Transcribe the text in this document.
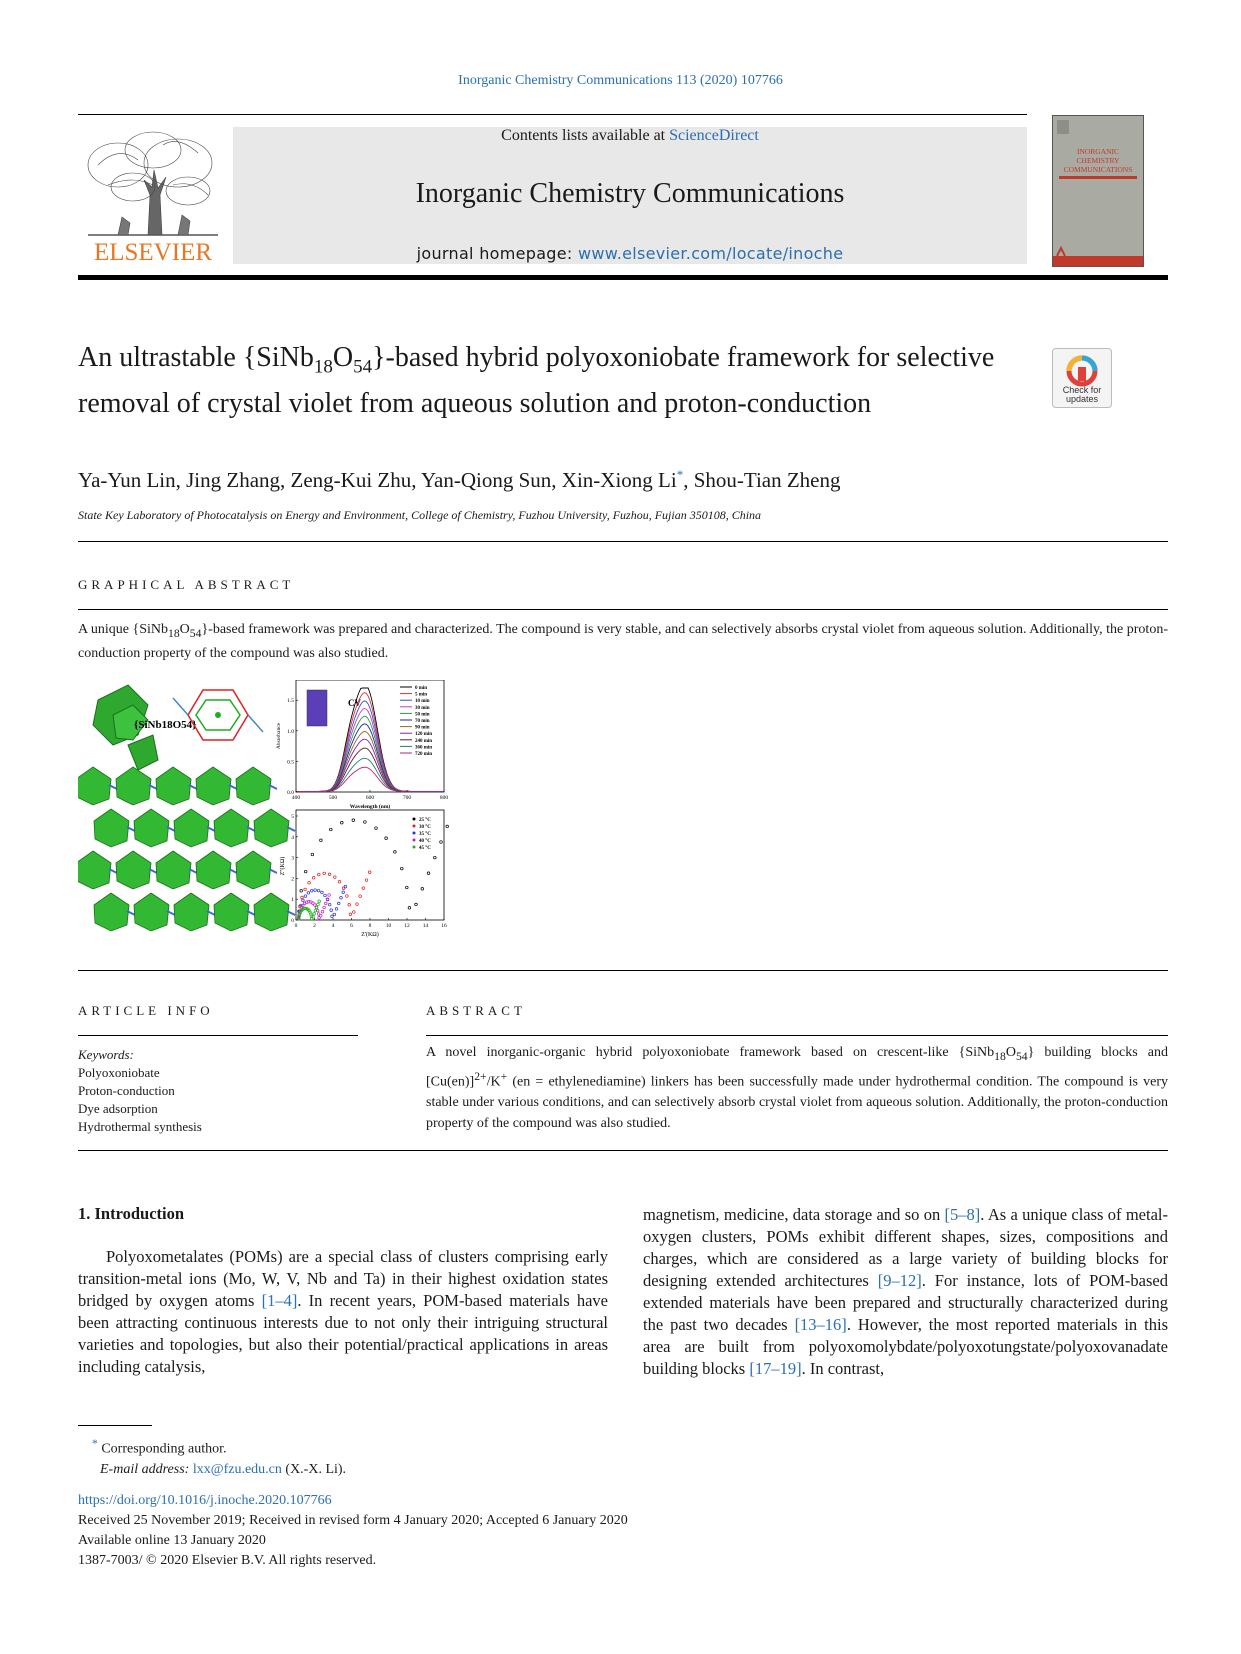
Inorganic Chemistry Communications 113 (2020) 107766
ELSEVIER
Contents lists available at ScienceDirect
Inorganic Chemistry Communications
journal homepage: www.elsevier.com/locate/inoche
INORGANIC
CHEMISTRY
COMMUNICATIONS
An ultrastable $\{SiNb_{18}O_{54}\}$-based hybrid polyoxoniobate framework for selective removal of crystal violet from aqueous solution and proton-conduction	Check for updates
Ya-Yun Lin, Jing Zhang, Zeng-Kui Zhu, Yan-Qiong Sun, Xin-Xiong Li*, Shou-Tian Zheng
State Key Laboratory of Photocatalysis on Energy and Environment, College of Chemistry, Fuzhou University, Fuzhou, Fujian 350108, China
GRAPHICAL ABSTRACT
A unique $\{SiNb_{18}O_{54}\}$-based framework was prepared and characterized. The compound is very stable, and can selectively absorbs crystal violet from aqueous solution. Additionally, the proton-conduction property of the compound was also studied.
{SiNb18O54}
CV
400	500	600	700	800
0.0
0.5
1.0
1.5
0 min
5 min
10 min
30 min
50 min
70 min
90 min
120 min
240 min
360 min
720 min
Wavelength (nm)
Absorbance
0	2	4	6	8	10 12 14 16
0
1
2
3
4
5
25 °C
30 °C
35 °C
40 °C
45 °C
Z'(KΩ)
Z''(KΩ)
ARTICLE INFO	ABSTRACT
Keywords:
Polyoxoniobate
Proton-conduction
Dye adsorption
Hydrothermal synthesis
A novel inorganic-organic hybrid polyoxoniobate framework based on crescent-like $\{SiNb_{18}O_{54}\}$ building blocks and $[Cu(en)]^{2+}/K^+$ (en = ethylenediamine) linkers has been successfully made under hydrothermal condition. The compound is very stable under various conditions, and can selectively absorb crystal violet from aqueous solution. Additionally, the proton-conduction property of the compound was also studied.
1. Introduction
Polyoxometalates (POMs) are a special class of clusters comprising early transition-metal ions (Mo, W, V, Nb and Ta) in their highest oxidation states bridged by oxygen atoms [1–4]. In recent years, POM-based materials have been attracting continuous interests due to not only their intriguing structural varieties and topologies, but also their potential/practical applications in areas including catalysis,
magnetism, medicine, data storage and so on [5–8]. As a unique class of metal-oxygen clusters, POMs exhibit different shapes, sizes, compositions and charges, which are considered as a large variety of building blocks for designing extended architectures [9–12]. For instance, lots of POM-based extended materials have been prepared and structurally characterized during the past two decades [13–16]. However, the most reported materials in this area are built from polyoxomolybdate/polyoxotungstate/polyoxovanadate building blocks [17–19]. In contrast,
* Corresponding author.
E-mail address: lxx@fzu.edu.cn (X.-X. Li).
https://doi.org/10.1016/j.inoche.2020.107766
Received 25 November 2019; Received in revised form 4 January 2020; Accepted 6 January 2020
Available online 13 January 2020
1387-7003/ © 2020 Elsevier B.V. All rights reserved.
